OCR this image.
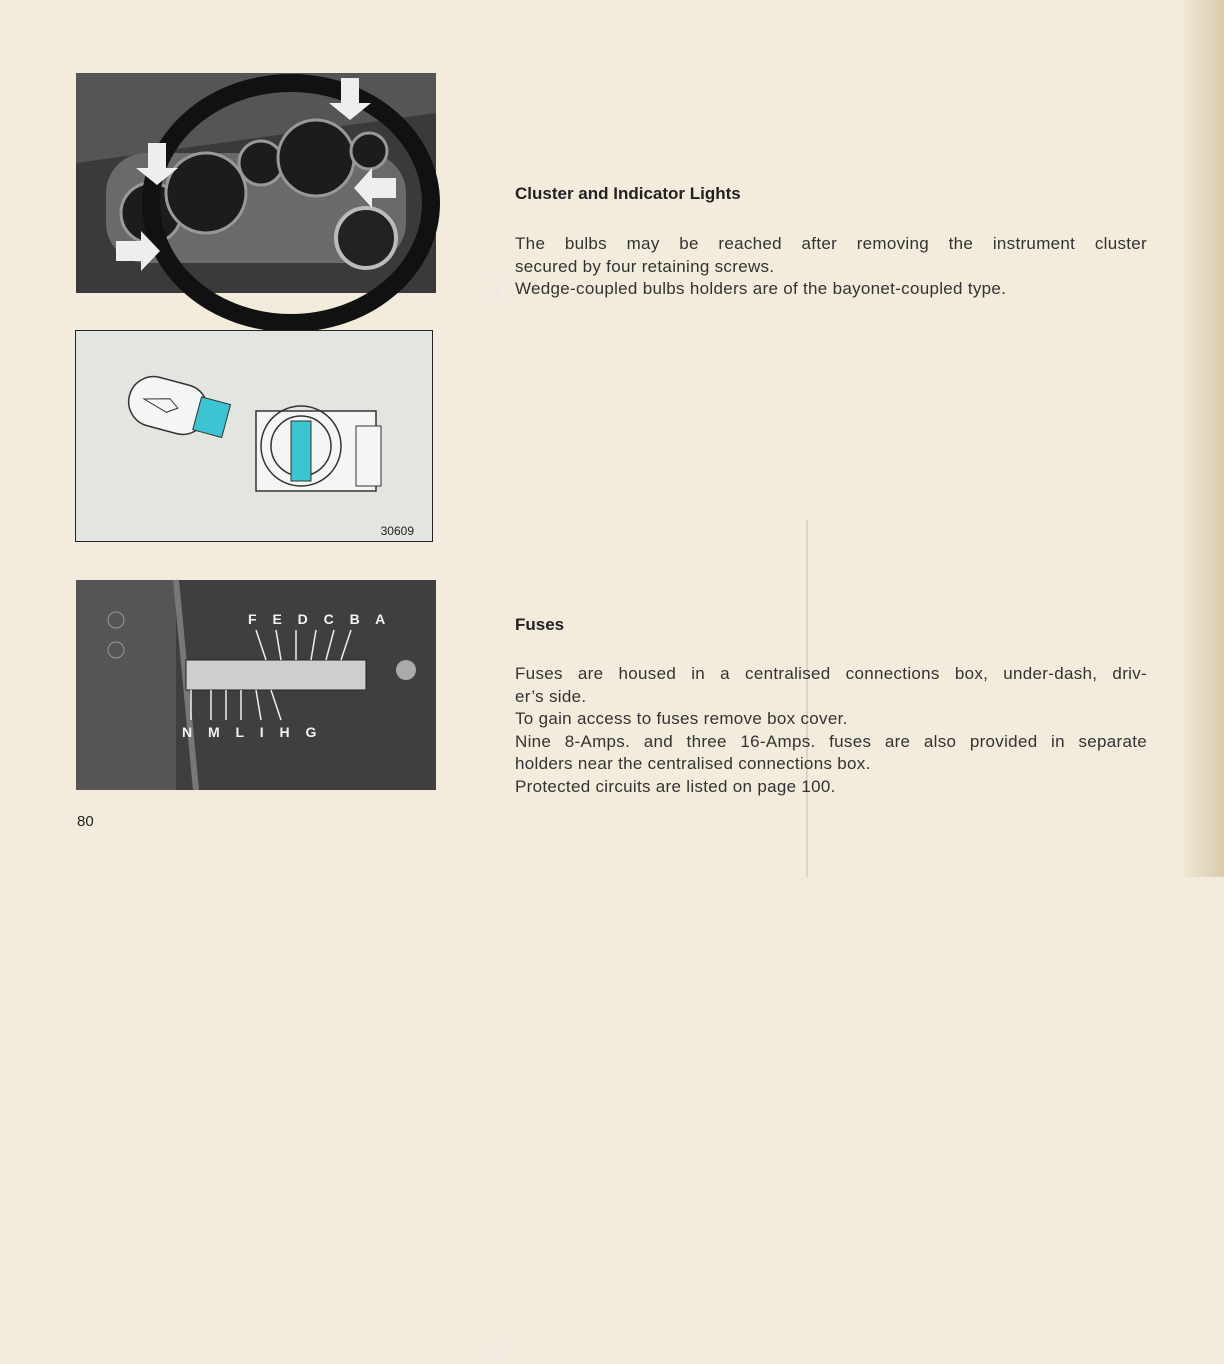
39498
30609
F E D C B A
N M L I H G
39531
Cluster and Indicator Lights

The bulbs may be reached after removing the instrument cluster

secured by four retaining screws.

Wedge-coupled bulbs holders are of the bayonet-coupled type.

Fuses

Fuses are housed in a centralised connections box, under-dash, driv-

er’s side.

To gain access to fuses remove box cover.

Nine 8-Amps. and three 16-Amps. fuses are also provided in separate

holders near the centralised connections box.

Protected circuits are listed on page 100.

80
